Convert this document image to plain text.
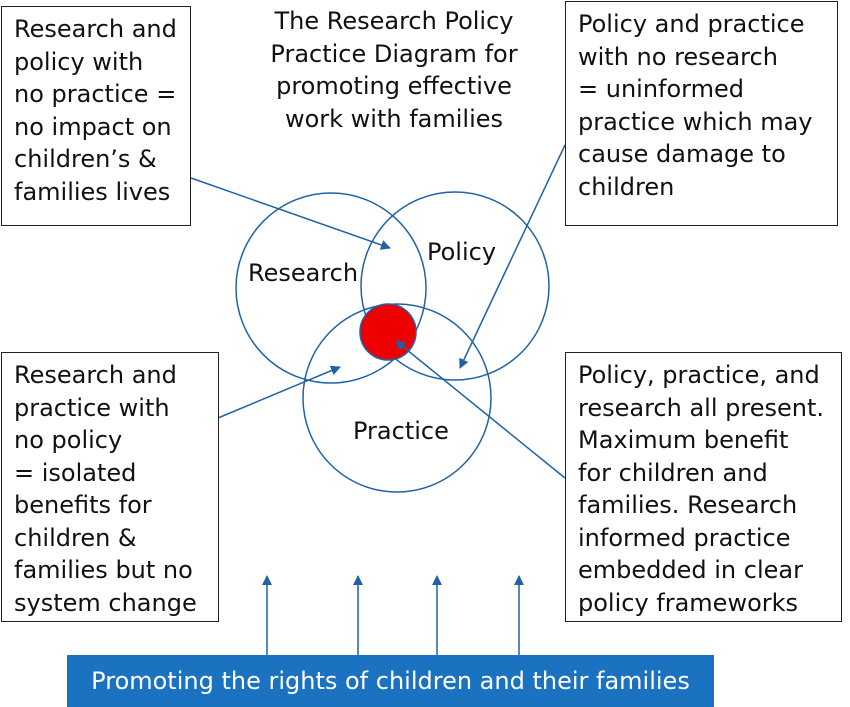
The Research Policy
Practice Diagram for
promoting effective
work with families
Research and
policy with
no practice =
no impact on
children’s &
families lives
Policy and practice
with no research
= uninformed
practice which may
cause damage to
children
Research and
practice with
no policy
= isolated
benefits for
children &
families but no
system change
Policy, practice, and
research all present.
Maximum benefit
for children and
families. Research
informed practice
embedded in clear
policy frameworks
Research
Policy
Practice
Promoting the rights of children and their families
